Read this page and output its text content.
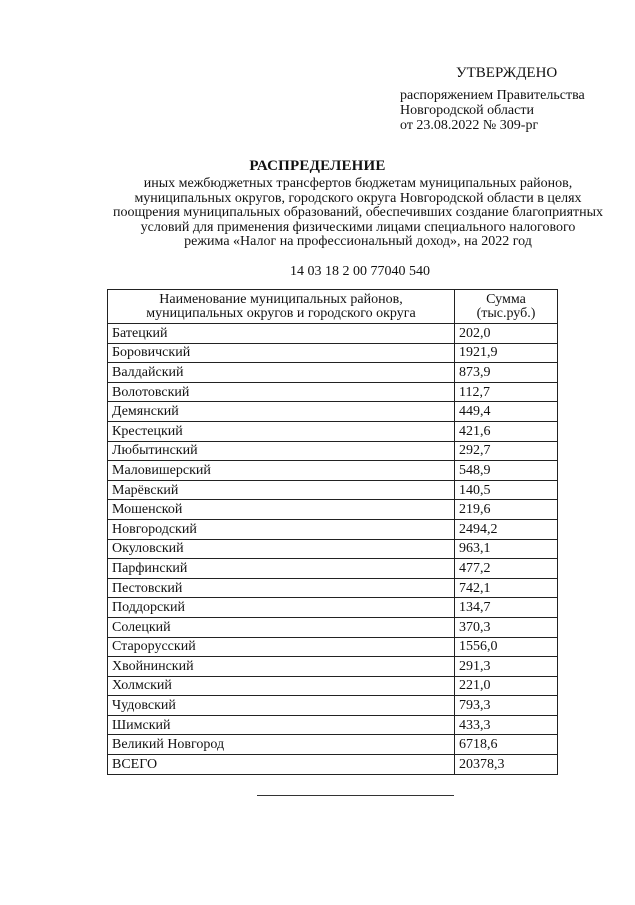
УТВЕРЖДЕНО
распоряжением Правительства
Новгородской области
от 23.08.2022 № 309-рг
РАСПРЕДЕЛЕНИЕ
иных межбюджетных трансфертов бюджетам муниципальных районов,
муниципальных округов, городского округа Новгородской области в целях
поощрения муниципальных образований, обеспечивших создание благоприятных
условий для применения физическими лицами специального налогового
режима «Налог на профессиональный доход», на 2022 год
14 03 18 2 00 77040 540
Наименование муниципальных районов, муниципальных округов и городского округа	Сумма (тыс.руб.)
Батецкий	202,0
Боровичский	1921,9
Валдайский	873,9
Волотовский	112,7
Демянский	449,4
Крестецкий	421,6
Любытинский	292,7
Маловишерский	548,9
Марёвский	140,5
Мошенской	219,6
Новгородский	2494,2
Окуловский	963,1
Парфинский	477,2
Пестовский	742,1
Поддорский	134,7
Солецкий	370,3
Старорусский	1556,0
Хвойнинский	291,3
Холмский	221,0
Чудовский	793,3
Шимский	433,3
Великий Новгород	6718,6
ВСЕГО	20378,3
